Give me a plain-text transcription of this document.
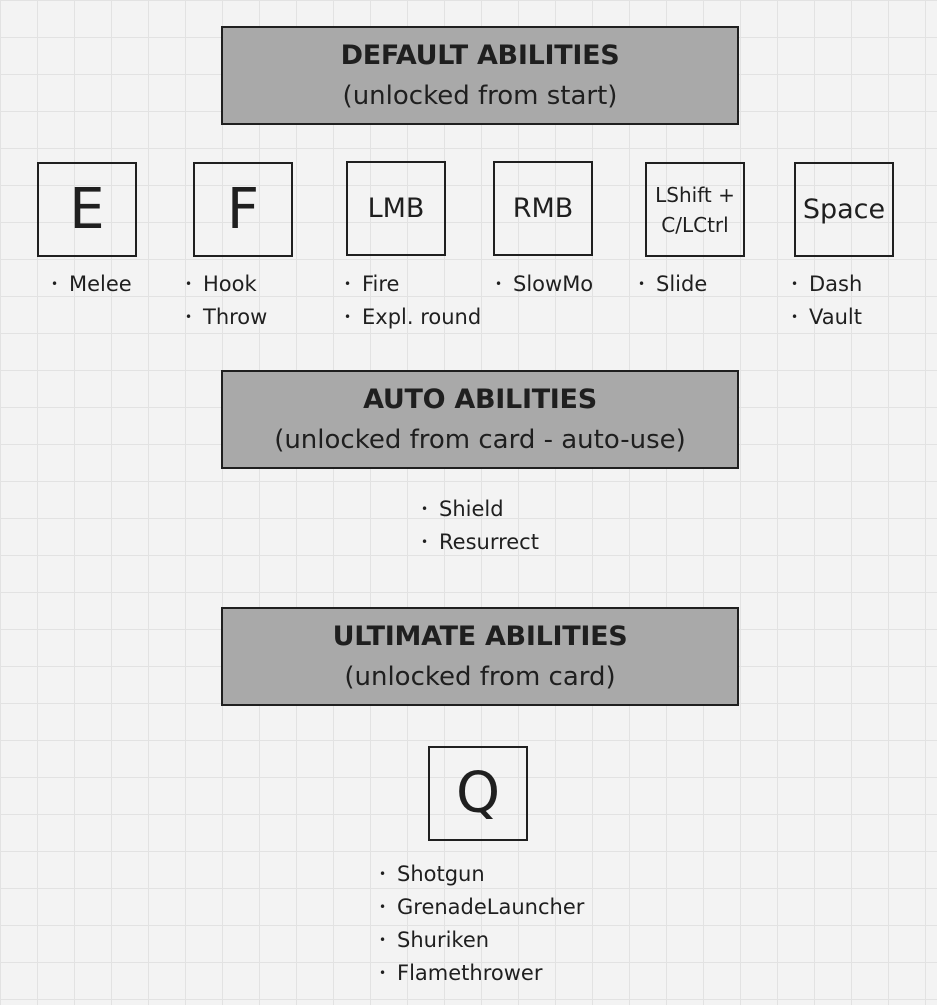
DEFAULT ABILITIES
(unlocked from start)
E F	LMB	RMB	LShift +
C/LCtrl	Space
• Melee	• Hook
• Throw
• Fire
• Expl. round
• SlowMo	• Slide	• Dash
• Vault
AUTO ABILITIES
(unlocked from card - auto-use)
• Shield
• Resurrect
ULTIMATE ABILITIES
(unlocked from card)
Q
• Shotgun
• GrenadeLauncher
• Shuriken
• Flamethrower
